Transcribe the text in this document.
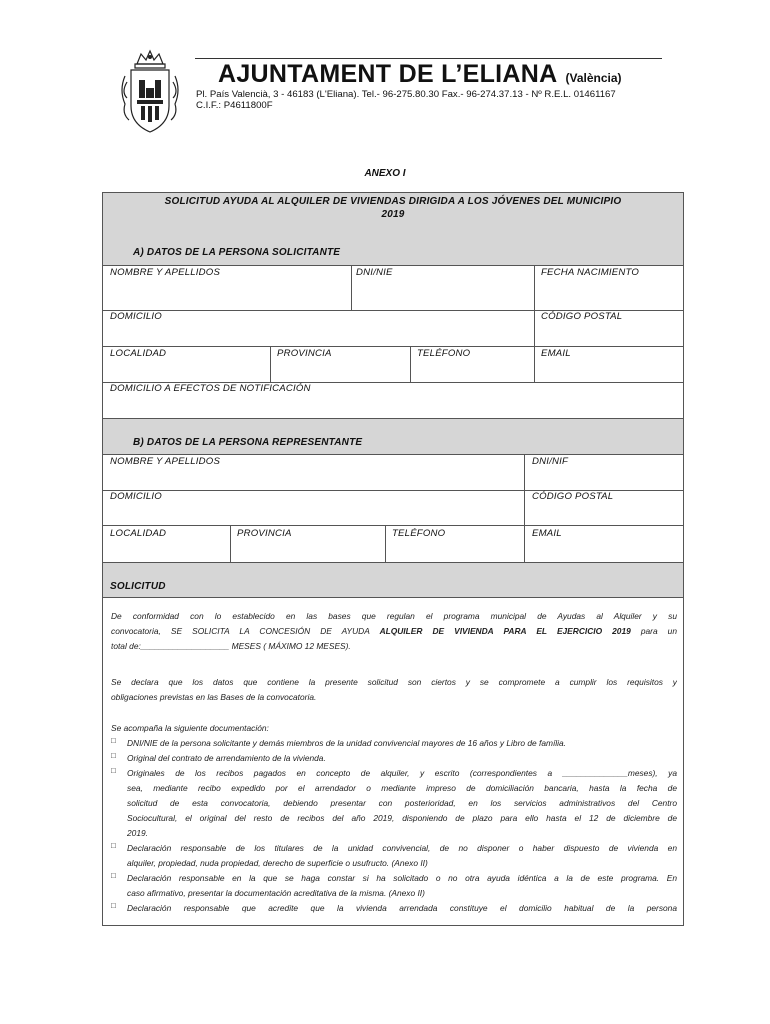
AJUNTAMENT DE L’ELIANA (València)
Pl. País Valencià, 3 - 46183 (L'Eliana). Tel.- 96-275.80.30 Fax.- 96-274.37.13 - Nº R.E.L. 01461167
C.I.F.: P4611800F
ANEXO I
SOLICITUD AYUDA AL ALQUILER DE VIVIENDAS DIRIGIDA A LOS JÓVENES DEL MUNICIPIO
2019
A) DATOS DE LA PERSONA SOLICITANTE
NOMBRE Y APELLIDOS	DNI/NIE	FECHA NACIMIENTO
DOMICILIO	CÓDIGO POSTAL
LOCALIDAD	PROVINCIA	TELÉFONO	EMAIL
DOMICILIO A EFECTOS DE NOTIFICACIÓN
B) DATOS DE LA PERSONA REPRESENTANTE
NOMBRE Y APELLIDOS	DNI/NIF
DOMICILIO	CÓDIGO POSTAL
LOCALIDAD	PROVINCIA	TELÉFONO	EMAIL
SOLICITUD
De conformidad con lo establecido en las bases que regulan el programa municipal de Ayudas al Alquiler y su
convocatoria, SE SOLICITA LA CONCESIÓN DE AYUDA ALQUILER DE VIVIENDA PARA EL EJERCICIO 2019 para un
total de:___________________ MESES ( MÁXIMO 12 MESES).
Se declara que los datos que contiene la presente solicitud son ciertos y se compromete a cumplir los requisitos y
obligaciones previstas en las Bases de la convocatoria.
Se acompaña la siguiente documentación:
□	DNI/NIE de la persona solicitante y demás miembros de la unidad convivencial mayores de 16 años y Libro de família.
□	Original del contrato de arrendamiento de la vivienda.
□	Originales de los recibos pagados en concepto de alquiler, y escrito (correspondientes a ______________meses), ya
sea, mediante recibo expedido por el arrendador o mediante impreso de domiciliación bancaria, hasta la fecha de
solicitud de esta convocatoria, debiendo presentar con posterioridad, en los servicios administrativos del Centro
Sociocultural, el original del resto de recibos del año 2019, disponiendo de plazo para ello hasta el 12 de diciembre de
2019.
□	Declaración responsable de los titulares de la unidad convivencial, de no disponer o haber dispuesto de vivienda en
alquiler, propiedad, nuda propiedad, derecho de superficie o usufructo. (Anexo II)
□	Declaración responsable en la que se haga constar si ha solicitado o no otra ayuda idéntica a la de este programa. En
caso afirmativo, presentar la documentación acreditativa de la misma. (Anexo II)
□	Declaración responsable que acredite que la vivienda arrendada constituye el domicilio habitual de la persona
